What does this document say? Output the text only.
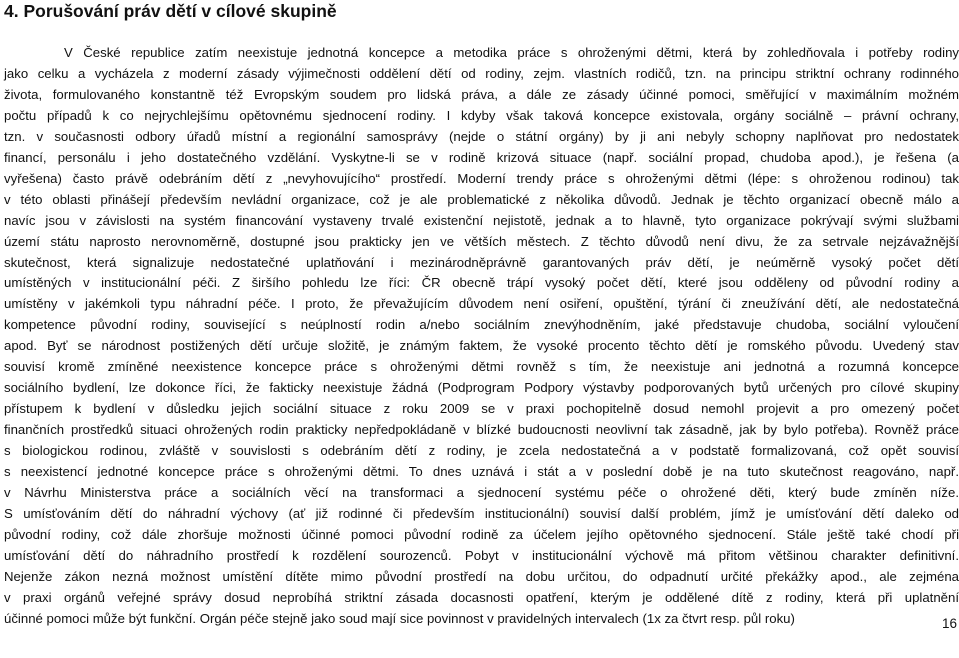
4. Porušování práv dětí v cílové skupině
V České republice zatím neexistuje jednotná koncepce a metodika práce s ohroženými dětmi, která by zohledňovala i potřeby rodiny
jako celku a vycházela z moderní zásady výjimečnosti oddělení dětí od rodiny, zejm. vlastních rodičů, tzn. na principu striktní ochrany rodinného
života, formulovaného konstantně též Evropským soudem pro lidská práva, a dále ze zásady účinné pomoci, směřující v maximálním možném
počtu případů k co nejrychlejšímu opětovnému sjednocení rodiny. I kdyby však taková koncepce existovala, orgány sociálně – právní ochrany,
tzn. v současnosti odbory úřadů místní a regionální samosprávy (nejde o státní orgány) by ji ani nebyly schopny naplňovat pro nedostatek
financí, personálu i jeho dostatečného vzdělání. Vyskytne-li se v rodině krizová situace (např. sociální propad, chudoba apod.), je řešena (a
vyřešena) často právě odebráním dětí z „nevyhovujícího“ prostředí. Moderní trendy práce s ohroženými dětmi (lépe: s ohroženou rodinou) tak
v této oblasti přinášejí především nevládní organizace, což je ale problematické z několika důvodů. Jednak je těchto organizací obecně málo a
navíc jsou v závislosti na systém financování vystaveny trvalé existenční nejistotě, jednak a to hlavně, tyto organizace pokrývají svými službami
území státu naprosto nerovnoměrně, dostupné jsou prakticky jen ve větších městech. Z těchto důvodů není divu, že za setrvale nejzávažnější
skutečnost, která signalizuje nedostatečné uplatňování i mezinárodněprávně garantovaných práv dětí, je neúměrně vysoký počet dětí
umístěných v institucionální péči. Z širšího pohledu lze říci: ČR obecně trápí vysoký počet dětí, které jsou odděleny od původní rodiny a
umístěny v jakémkoli typu náhradní péče. I proto, že převažujícím důvodem není osiření, opuštění, týrání či zneužívání dětí, ale nedostatečná
kompetence původní rodiny, související s neúplností rodin a/nebo sociálním znevýhodněním, jaké představuje chudoba, sociální vyloučení
apod. Byť se národnost postižených dětí určuje složitě, je známým faktem, že vysoké procento těchto dětí je romského původu. Uvedený stav
souvisí kromě zmíněné neexistence koncepce práce s ohroženými dětmi rovněž s tím, že neexistuje ani jednotná a rozumná koncepce
sociálního bydlení, lze dokonce říci, že fakticky neexistuje žádná (Podprogram Podpory výstavby podporovaných bytů určených pro cílové skupiny
přístupem k bydlení v důsledku jejich sociální situace z roku 2009 se v praxi pochopitelně dosud nemohl projevit a pro omezený počet
finančních prostředků situaci ohrožených rodin prakticky nepředpokládaně v blízké budoucnosti neovlivní tak zásadně, jak by bylo potřeba). Rovněž práce
s biologickou rodinou, zvláště v souvislosti s odebráním dětí z rodiny, je zcela nedostatečná a v podstatě formalizovaná, což opět souvisí
s neexistencí jednotné koncepce práce s ohroženými dětmi. To dnes uznává i stát a v poslední době je na tuto skutečnost reagováno, např.
v Návrhu Ministerstva práce a sociálních věcí na transformaci a sjednocení systému péče o ohrožené děti, který bude zmíněn níže.
S umísťováním dětí do náhradní výchovy (ať již rodinné či především institucionální) souvisí další problém, jímž je umísťování dětí daleko od
původní rodiny, což dále zhoršuje možnosti účinné pomoci původní rodině za účelem jejího opětovného sjednocení. Stále ještě také chodí při
umísťování dětí do náhradního prostředí k rozdělení sourozenců. Pobyt v institucionální výchově má přitom většinou charakter definitivní.
Nejenže zákon nezná možnost umístění dítěte mimo původní prostředí na dobu určitou, do odpadnutí určité překážky apod., ale zejména
v praxi orgánů veřejné správy dosud neprobíhá striktní zásada docasnosti opatření, kterým je oddělené dítě z rodiny, která při uplatnění
účinné pomoci může být funkční. Orgán péče stejně jako soud mají sice povinnost v pravidelných intervalech (1x za čtvrt resp. půl roku)	16
